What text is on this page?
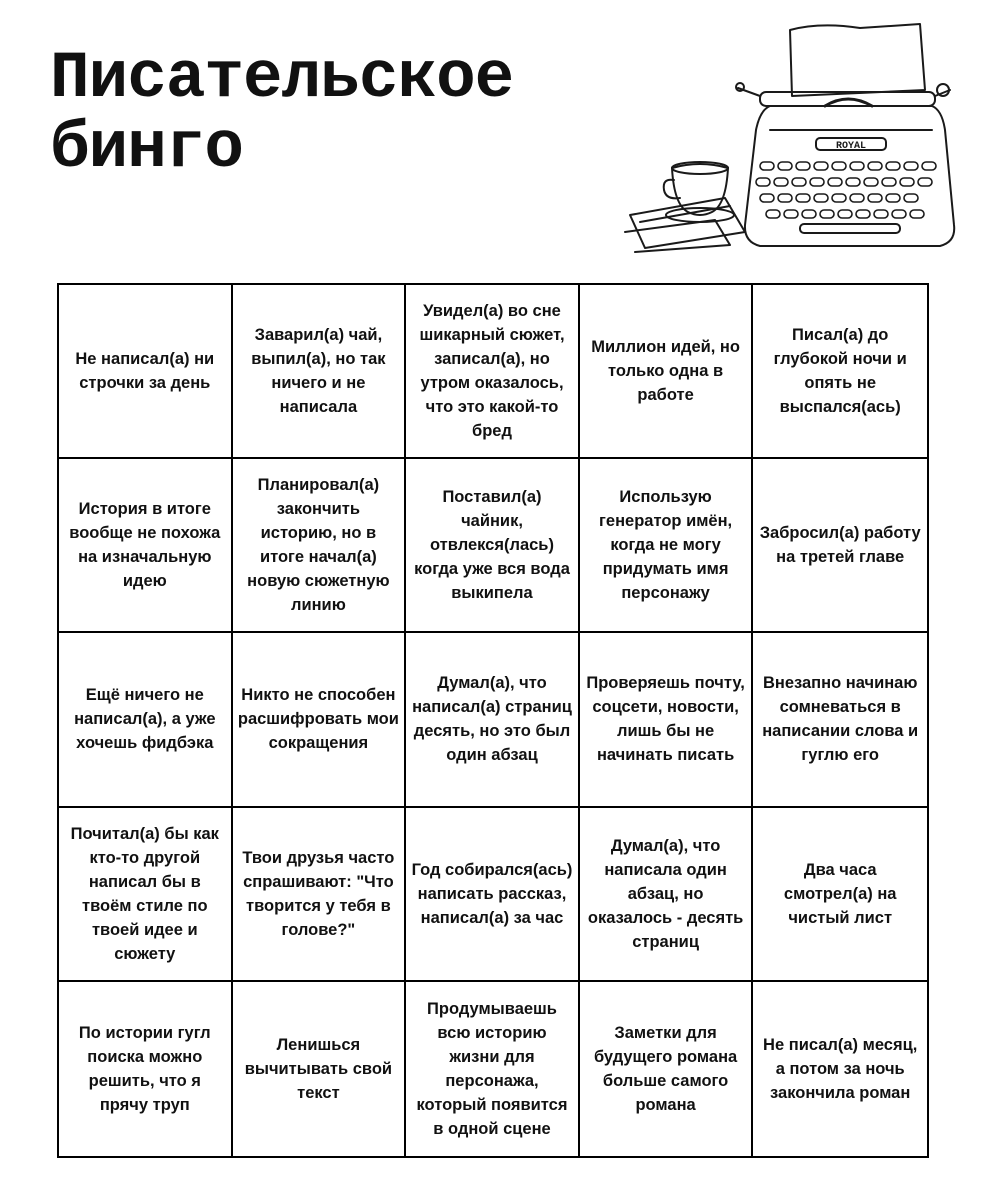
Писательское
бинго	ROYAL
Не написал(а) ни строчки за день
Заварил(а) чай, выпил(а), но так ничего и не написала
Увидел(а) во сне шикарный сюжет, записал(а), но утром оказалось, что это какой-то бред
Миллион идей, но только одна в работе
Писал(а) до глубокой ночи и опять не выспался(ась)
История в итоге вообще не похожа на изначальную идею
Планировал(а) закончить историю, но в итоге начал(а) новую сюжетную линию
Поставил(а) чайник, отвлекся(лась) когда уже вся вода выкипела
Использую генератор имён, когда не могу придумать имя персонажу
Забросил(а) работу на третей главе
Ещё ничего не написал(а), а уже хочешь фидбэка
Никто не способен расшифровать мои сокращения
Думал(а), что написал(а) страниц десять, но это был один абзац
Проверяешь почту, соцсети, новости, лишь бы не начинать писать
Внезапно начинаю сомневаться в написании слова и гуглю его
Почитал(а) бы как кто-то другой написал бы в твоём стиле по твоей идее и сюжету
Твои друзья часто спрашивают: "Что творится у тебя в голове?"
Год собирался(ась) написать рассказ, написал(а) за час
Думал(а), что написала один абзац, но оказалось - десять страниц
Два часа смотрел(а) на чистый лист
По истории гугл поиска можно решить, что я прячу труп
Ленишься вычитывать свой текст
Продумываешь всю историю жизни для персонажа, который появится в одной сцене
Заметки для будущего романа больше самого романа
Не писал(а) месяц, а потом за ночь закончила роман
